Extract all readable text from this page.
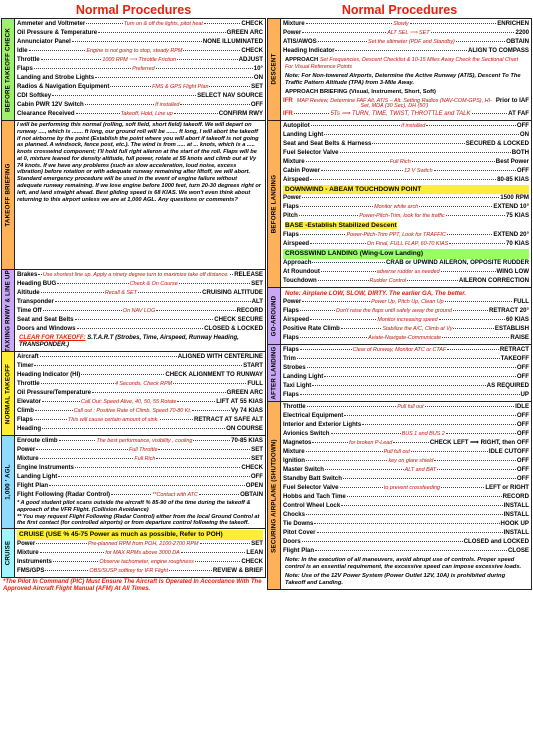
Normal Procedures
BEFORE TAKEOFF CHECK
Ammeter and Voltmeter	Turn on & off the lights, pitot heat	CHECK
Oil Pressure & Temperature	GREEN ARC
Annunciator Panel	NONE ILLUMINATED
Idle	Engine is not going to stop, steady RPM	CHECK
Throttle	1000 RPM ⟹ Throttle Friction	ADJUST
Flaps	Preferred	10°
Landing and Strobe Lights	ON
Radios & Navigation Equipment	FMS & GPS Flight Plan	SET
CDI Softkey	SELECT NAV SOURCE
Cabin PWR 12V Switch	If installed	OFF
Clearance Received	Takeoff, Hold, Line up	CONFIRM RWY
TAKEOFF BRIEFING
I will be performing this normal (rolling, soft field, short field) takeoff. We will depart on runway ...., which is ....... ft long, our ground roll will be ....... ft long, I will abort the takeoff if not airborne by the point (Establish the point where you will abort if takeoff is not going as planned. A windsock, fence post, etc.). The wind is from ..... at ... knots, which is a ..... knots crosswind component; I'll hold full right aileron at the start of the roll. Flaps will be at 0, mixture leaned for density altitude, full power, rotate at 55 knots and climb out at Vy 74 knots. If we have any problems (such as slow acceleration, loud noise, excess vibration) before rotation or with adequate runway remaining after liftoff, we will abort. Standard emergency procedure will be used in the event of engine failure without adequate runway remaining. If we lose engine before 1000 feet, turn 20-30 degrees right or left, and land straight ahead. Best gliding speed is 68 KIAS. We won't even think about returning to this airport unless we are at 1,000 AGL. Any questions or comments?
TAXIING RNWY & LINE UP Brakes Use shortest line up. Apply a ninety degree turn to maximize take off distance. RELEASE
Heading BUG	Check & On Course	SET
Altitude	Recall & SET	CRUISING ALTITUDE
Transponder	ALT
Time Off	On NAV LOG	RECORD
Seat and Seat Belts	CHECK SECURE
Doors and Windows	CLOSED & LOCKED
CLEAR FOR TAKEOFF: S.T.A.R.T (Strobes, Time, Airspeed, Runway Heading, TRANSPONDER.)
NORMAL TAKEOFF
Aircraft	ALIGNED WITH CENTERLINE
Timer	START
Heading Indicator (HI)	CHECK ALIGNMENT TO RUNWAY
Throttle	4 Seconds, Check RPM	FULL
Oil Pressure/Temperature	GREEN ARC
Elevator	Call Out: Speed Alive, 40, 50, 55 Rotate	LIFT AT 55 KIAS
Climb	Call out : Positive Rate of Climb, Speed 70-80 Kt.	Vy 74 KIAS
Flaps	This will cause certain amount of sink.	RETRACT AT SAFE ALT
Heading	ON COURSE
1,000 ' AGL
Enroute climb	The best performance, visibility , cooling	70-85 KIAS
Power	Full Throttle	SET
Mixture	Full Rich	SET
Engine Instruments	CHECK
Landing Light	OFF
Flight Plan	OPEN
Flight Following (Radar Control)	**Contact with ATC	OBTAIN
* A good student pilot scans outside the aircraft % 85-90 of the time during the takeoff & approach of the VFR Flight. (Collision Avoidance)
** You may request Flight Following (Radar Control) either from the local Ground Control at the first contact (for controlled airports) or from departure control following the takeoff.
CRUISE
CRUISE (USE % 45-75 Power as much as possible, Refer to POH)
Power	Pre-planned RPM from POH, 2100-2700 RPM	SET
Mixture	for MAX RPMs above 3000 DA	LEAN
Instruments	Observe tachometer, engine roughness	CHECK
FMS/GPS	OBS/SUSP softkey for IFR Flight	REVIEW & BRIEF
*The Pilot In Command (PIC) Must Ensure The Aircraft Is Operated In Accordance With The Approved Aircraft Flight Manual (AFM) At All Times.
Normal Procedures
DESCENT
Mixture	Slowly	ENRICHEN
Power	ALT SEL ⟹ SET	2200
ATIS/AWOS	Set the altimeter (PDF and Standby)	OBTAIN
Heading Indicator	ALIGN TO COMPASS
APPROACH Set Frequencies, Descent Checklist & 10-15 Miles Away Check the Sectional Chart For Visual Reference Points
Note: For Non-towered Airports, Determine the Active Runway (ATIS), Descent To The Traffic Pattern Altitude (TPA) from 3-Mile Away.
APPROACH BRIEFING (Visual, Instrument, Short, Soft)
IFR MAP Review, Determine FAF Alt, ATIS – Alt. Setting Radios (NAV-COM-GPS), HI-Set, MDA (30 Sec), DH (50')
Prior to IAF
IFR	5Ts ⟹ TURN, TIME, TWIST, THROTTLE and TALK	AT FAF
BEFORE LANDING
Autopilot	if installed	OFF
Landing Light	ON
Seat and Seat Belts & Harness	SECURED & LOCKED
Fuel Selector Valve	BOTH
Mixture	Full Rich	Best Power
Cabin Power	12 V Switch	OFF
Airspeed	80-85 KIAS
DOWNWIND - ABEAM TOUCHDOWN POINT
Power	1500 RPM
Flaps	Monitor white arch	EXTEND 10°
Pitch	Power-Pitch-Trim, look for the traffic	75 KIAS
BASE -Establish Stabilized Descent
Flaps	Power-Pitch-Trim PPT, Look for TRAFFIC	EXTEND 20°
Airspeed	On Final, FULL FLAP, 60-70 KIAS	70 KIAS
CROSSWIND LANDING (Wing-Low Landing)
Approach	CRAB or UPWIND AILERON, OPPOSITE RUDDER
At Roundout	adverse rudder as needed	WING LOW
Touchdown	Rudder Control	AILERON CORRECTION
GO-AROUND
Note: Airplane LOW, SLOW, DIRTY. The earlier GA, The better.
Power	Power Up, Pitch Up, Clean Up	FULL
Flaps	Don't raise the flaps until safely away the ground	RETRACT 20°
Airspeed	Monitor increasing speed	60 KIAS
Positive Rate Climb	Stabilize the A/C, Climb at Vy	ESTABLISH
Flaps	Aviate-Navigate-Communicate	RAISE
AFTER LANDING Flaps	Clear of Runway, Monitor ATC or CTAF	RETRACT
Trim	TAKEOFF
Strobes	OFF
Landing Light	OFF
Taxi Light	AS REQUIRED
Flaps	UP
SECURING AIRPLANE (SHUTDOWN)
Throttle	Pull full out	IDLE
Electrical Equipment	OFF
Interior and Exterior Lights	OFF
Avionics Switch	BUS 1 and BUS 2	OFF
Magnetos	for broken P-Lead	CHECK LEFT ⟹ RIGHT, then OFF
Mixture	Pull full out	IDLE CUTOFF
Ignition	key on glare shield	OFF
Master Switch	ALT and BAT	OFF
Standby Batt Switch	OFF
Fuel Selector Valve	to prevent crossfeeding	LEFT or RIGHT
Hobbs and Tach Time	RECORD
Control Wheel Lock	INSTALL
Chocks	INSTALL
Tie Downs	HOOK UP
Pitot Cover	INSTALL
Doors	CLOSED and LOCKED
Flight Plan	CLOSE
Note: In the execution of all maneuvers, avoid abrupt use of controls. Proper speed control is an essential requirement, the excessive speed can impose excessive loads.
Note: Use of the 12V Power System (Power Outlet 12V, 10A) is prohibited during Takeoff and Landing.
